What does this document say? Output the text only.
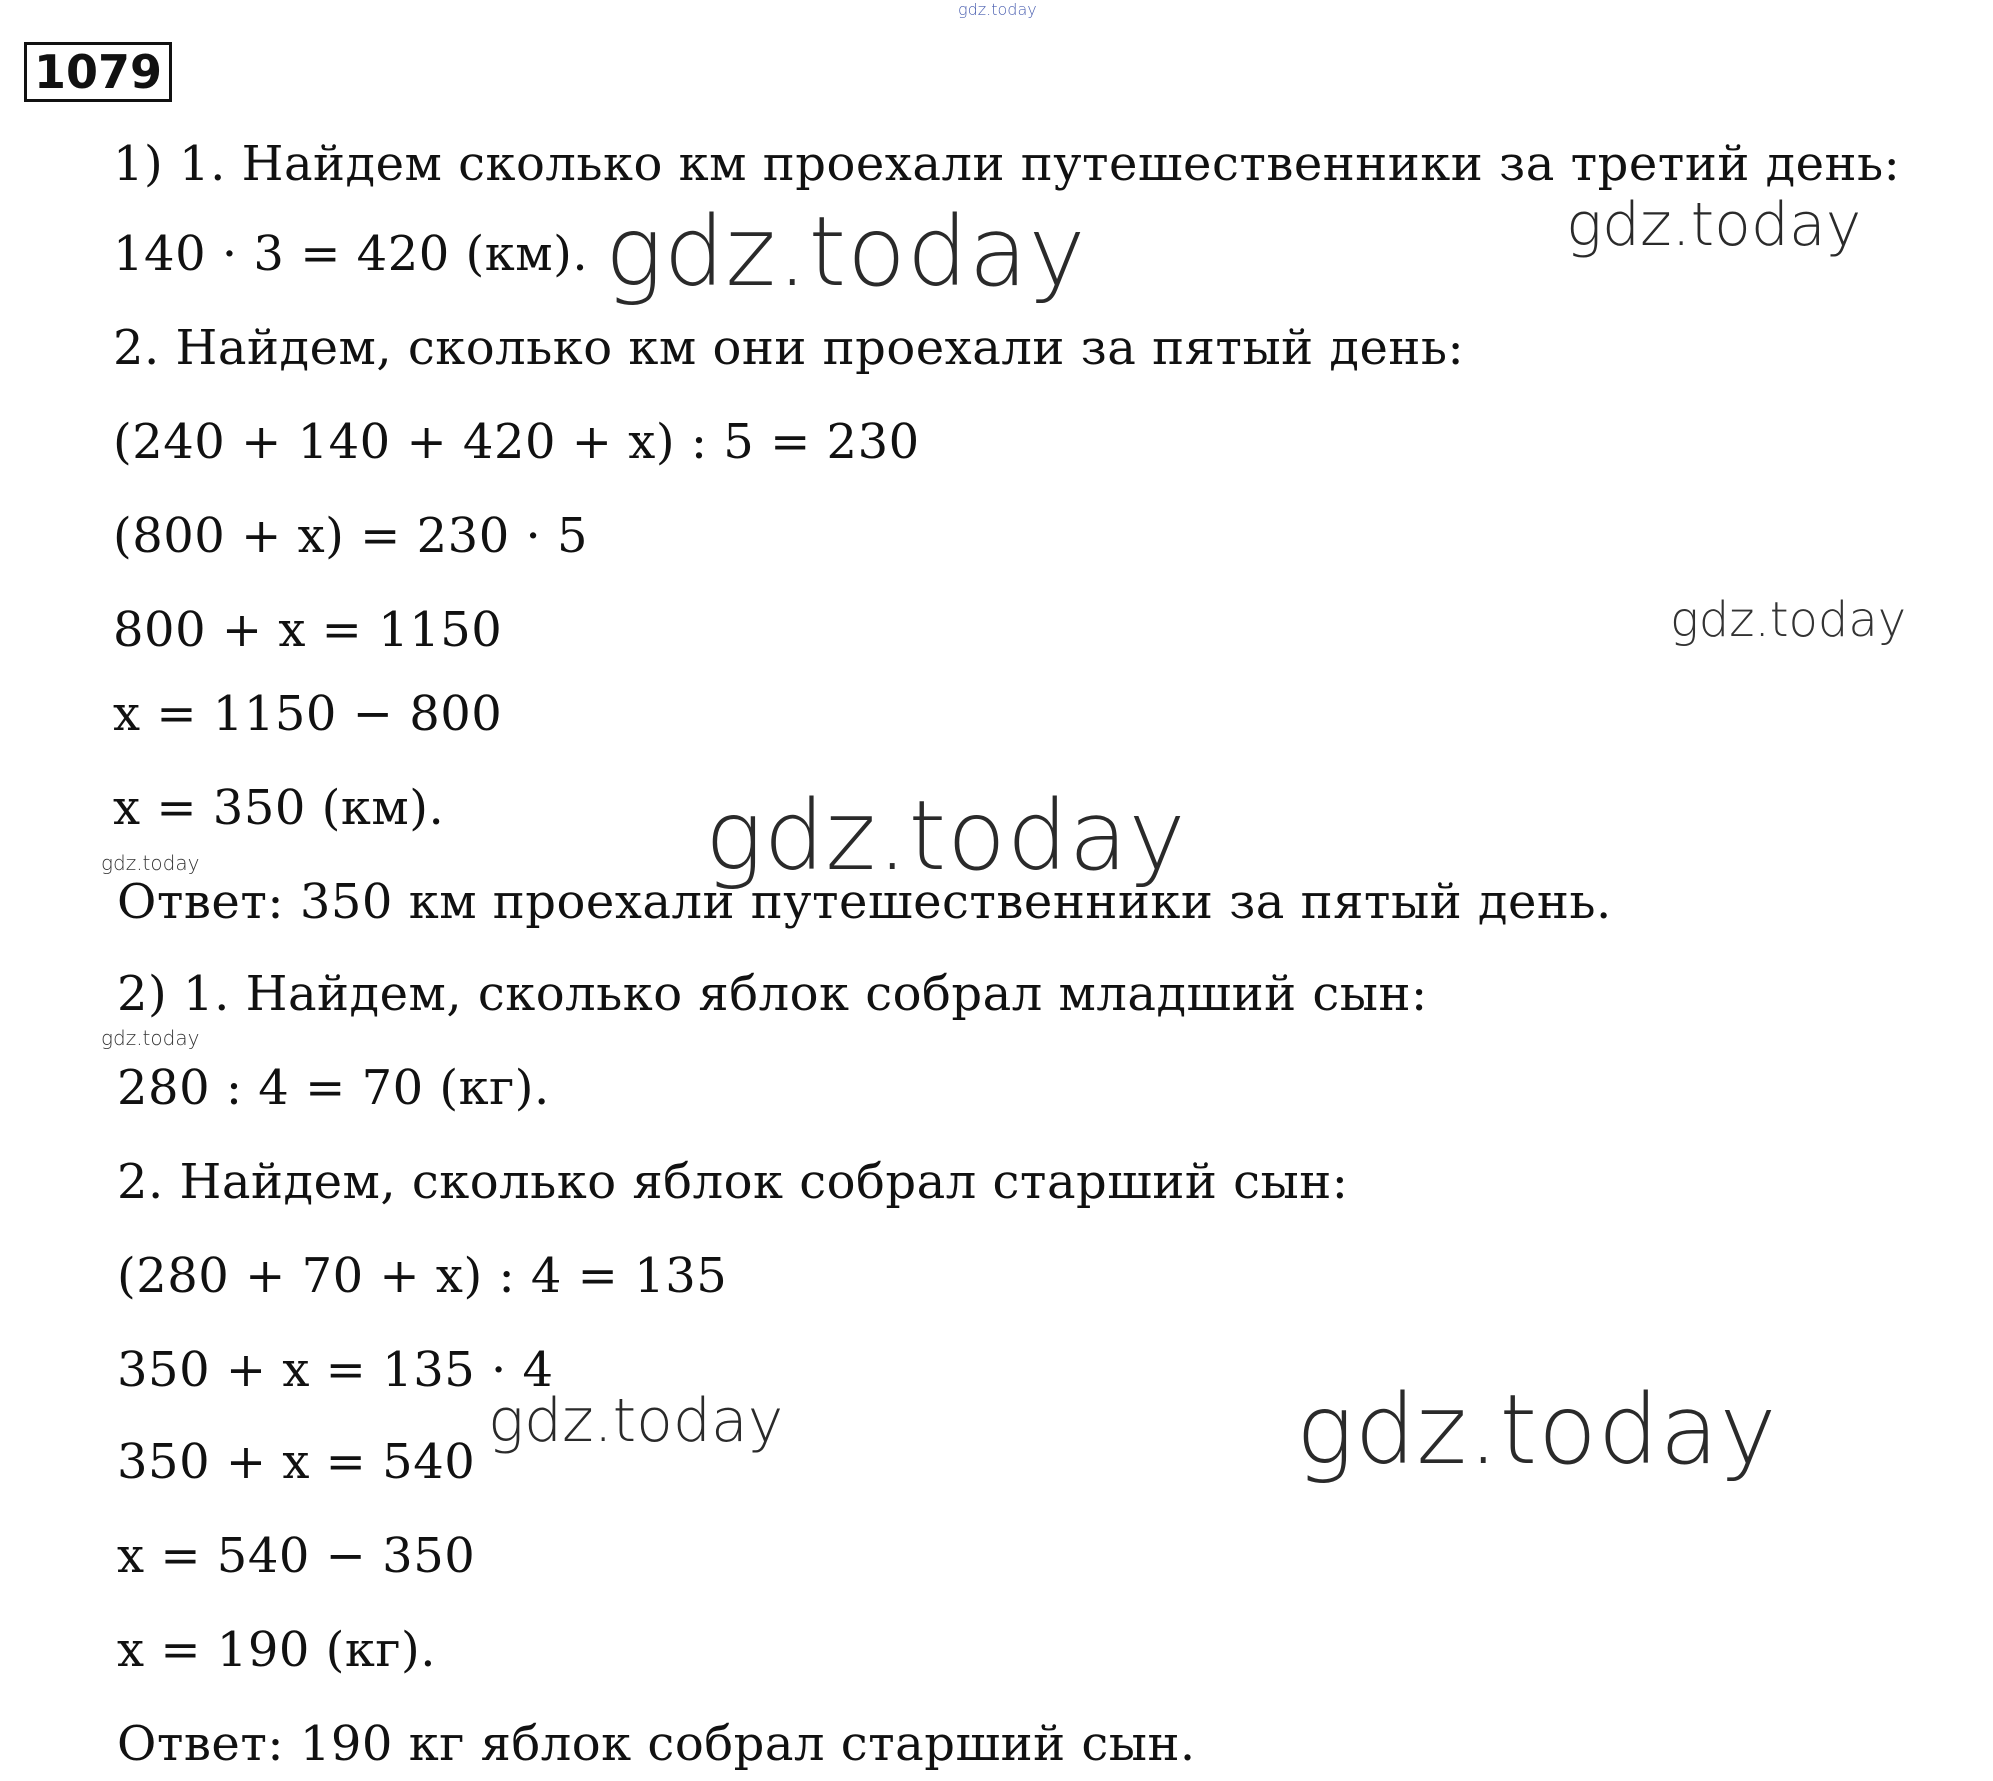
1079
1) 1. Найдем сколько км проехали путешественники за третий день:
140 · 3 = 420 (км).
2. Найдем, сколько км они проехали за пятый день:
(240 + 140 + 420 + x) : 5 = 230
(800 + x) = 230 · 5
800 + x = 1150
x = 1150 − 800
x = 350 (км).
Ответ: 350 км проехали путешественники за пятый день.
2) 1. Найдем, сколько яблок собрал младший сын:
280 : 4 = 70 (кг).
2. Найдем, сколько яблок собрал старший сын:
(280 + 70 + x) : 4 = 135
350 + x = 135 · 4
350 + x = 540
x = 540 − 350
x = 190 (кг).
Ответ: 190 кг яблок собрал старший сын.
gdz.today
gdz.today	gdz.today
gdz.today
gdz.today
gdz.today
gdz.today
gdz.today	gdz.today
